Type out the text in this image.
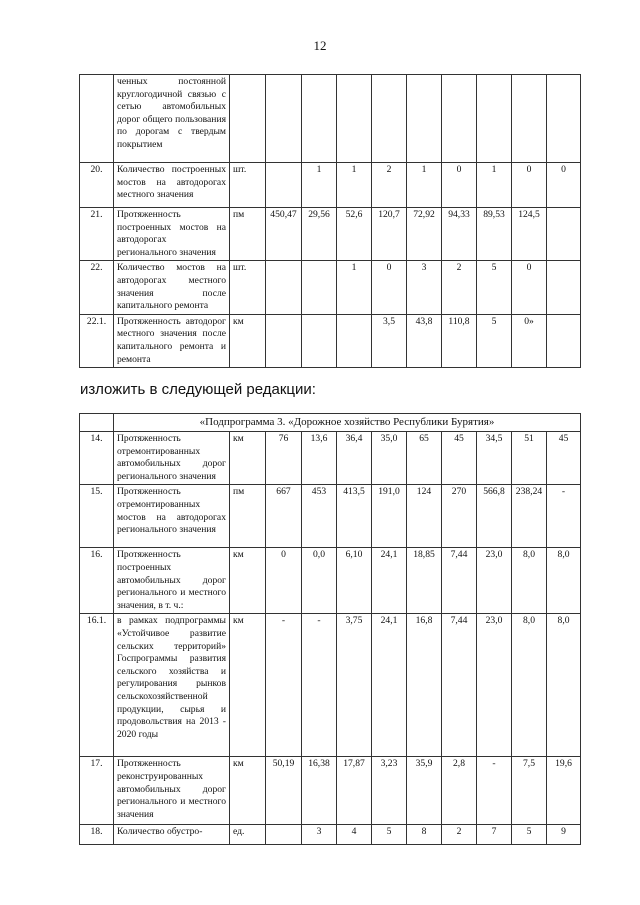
12
	ченных постоянной круглогодичной связью с сетью автомобильных дорог общего пользования по дорогам с твердым покрытием										
20.	Количество построенных мостов на автодорогах местного значения	шт.		1	1	2	1	0	1	0	0
21.	Протяженность построенных мостов на автодорогах регионального значения	пм	450,47	29,56	52,6	120,7	72,92	94,33	89,53	124,5	
22.	Количество мостов на автодорогах местного значения после капитального ремонта	шт.			1	0	3	2	5	0	
22.1.	Протяженность автодорог местного значения после капитального ремонта и ремонта	км				3,5	43,8	110,8	5	0»	
изложить в следующей редакции:
	«Подпрограмма 3. «Дорожное хозяйство Республики Бурятия»										
14.	Протяженность отремонтированных автомобильных дорог регионального значения	км	76	13,6	36,4	35,0	65	45	34,5	51	45
15.	Протяженность отремонтированных мостов на автодорогах регионального значения	пм	667	453	413,5	191,0	124	270	566,8	238,24	-
16.	Протяженность построенных автомобильных дорог регионального и местного значения, в т. ч.:	км	0	0,0	6,10	24,1	18,85	7,44	23,0	8,0	8,0
16.1.	в рамках подпрограммы «Устойчивое развитие сельских территорий» Госпрограммы развития сельского хозяйства и регулирования рынков сельскохозяйственной продукции, сырья и продовольствия на 2013 - 2020 годы	км	-	-	3,75	24,1	16,8	7,44	23,0	8,0	8,0
17.	Протяженность реконструированных автомобильных дорог регионального и местного значения	км	50,19	16,38	17,87	3,23	35,9	2,8	-	7,5	19,6
18.	Количество обустро-	ед.		3	4	5	8	2	7	5	9
